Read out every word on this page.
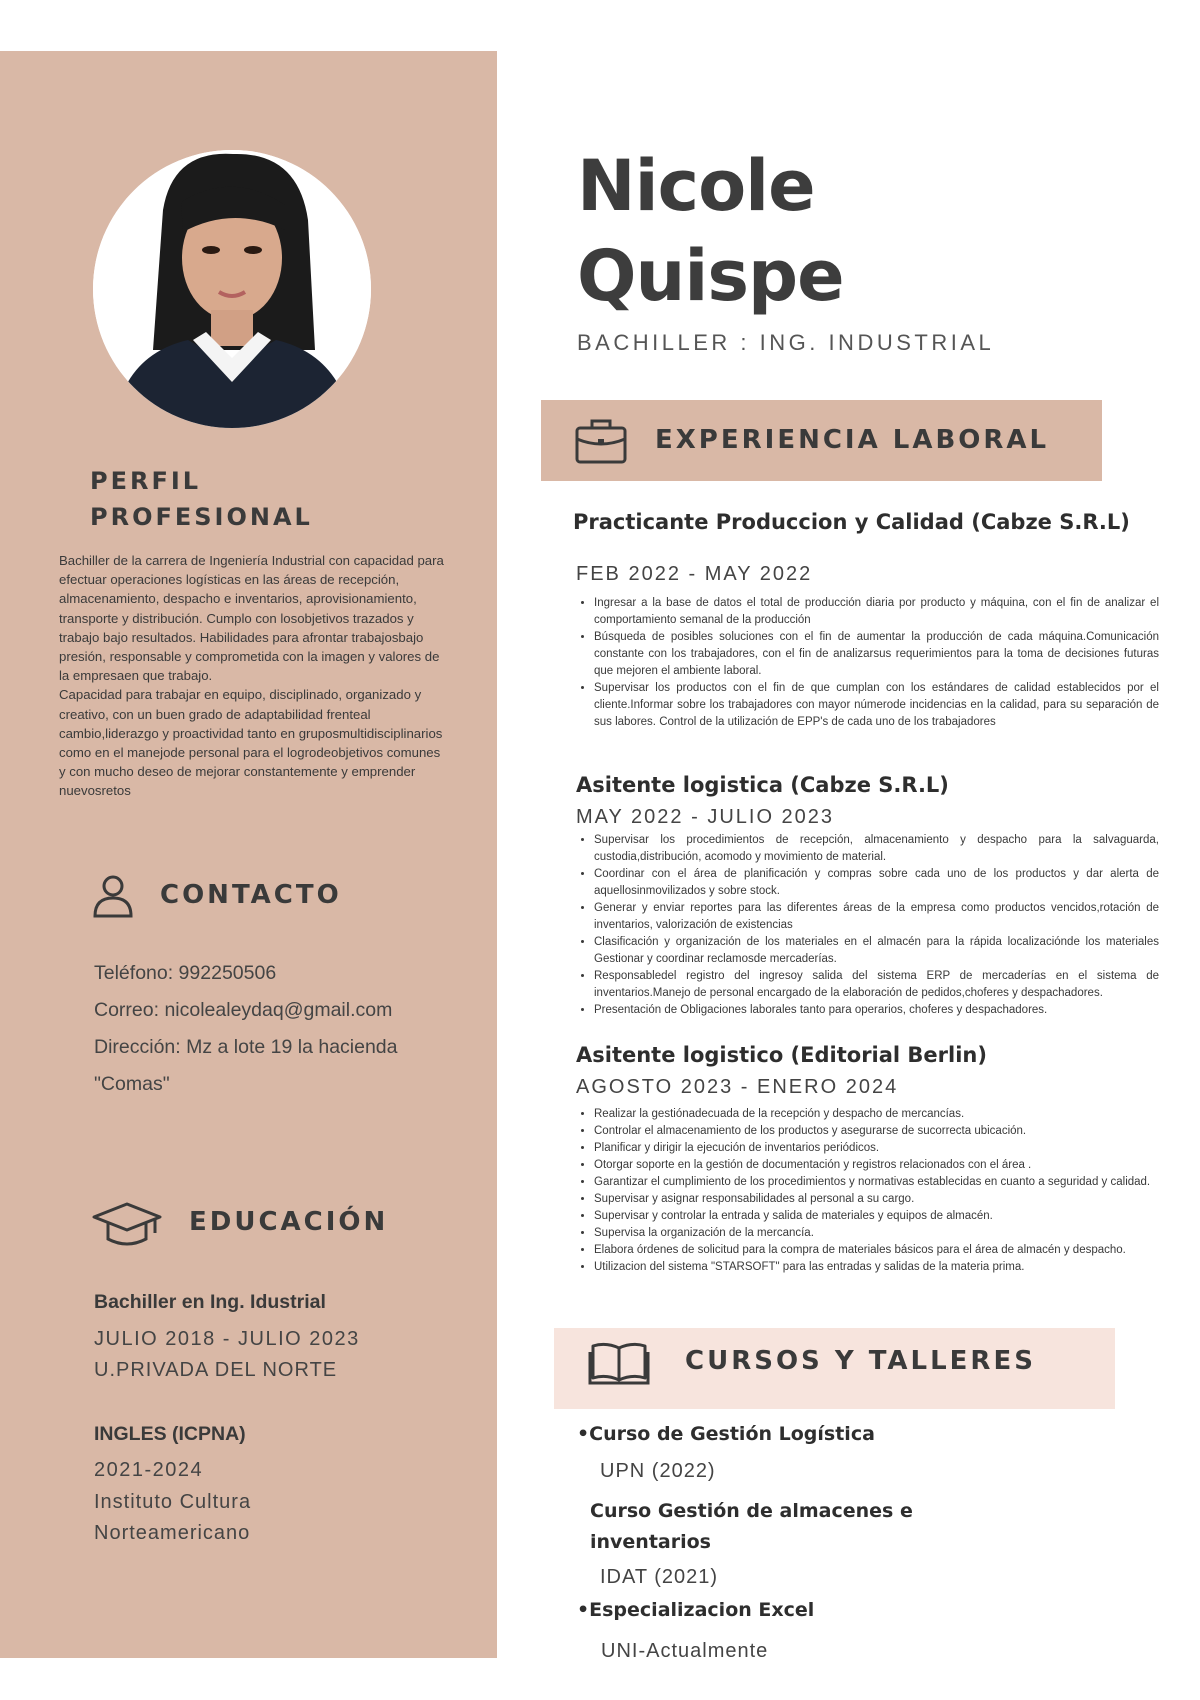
PERFIL
PROFESIONAL
Bachiller de la carrera de Ingeniería Industrial con capacidad para efectuar operaciones logísticas en las áreas de recepción, almacenamiento, despacho e inventarios, aprovisionamiento, transporte y distribución. Cumplo con losobjetivos trazados y trabajo bajo resultados. Habilidades para afrontar trabajosbajo presión, responsable y comprometida con la imagen y valores de la empresaen que trabajo.
Capacidad para trabajar en equipo, disciplinado, organizado y creativo, con un buen grado de adaptabilidad frenteal cambio,liderazgo y proactividad tanto en gruposmultidisciplinarios como en el manejode personal para el logrodeobjetivos comunes y con mucho deseo de mejorar constantemente y emprender nuevosretos
CONTACTO
Teléfono: 992250506
Correo: nicolealeydaq@gmail.com
Dirección: Mz a lote 19 la hacienda
"Comas"
EDUCACIÓN
Bachiller en Ing. Idustrial
JULIO 2018 - JULIO 2023
U.PRIVADA DEL NORTE
INGLES (ICPNA)
2021-2024
Instituto Cultura
Norteamericano
Nicole
Quispe
BACHILLER : ING. INDUSTRIAL
EXPERIENCIA LABORAL
Practicante Produccion y Calidad (Cabze S.R.L)
FEB 2022 - MAY 2022
• Ingresar a la base de datos el total de producción diaria por producto y máquina, con el fin de analizar el comportamiento semanal de la producción
• Búsqueda de posibles soluciones con el fin de aumentar la producción de cada máquina.Comunicación constante con los trabajadores, con el fin de analizarsus requerimientos para la toma de decisiones futuras que mejoren el ambiente laboral.
• Supervisar los productos con el fin de que cumplan con los estándares de calidad establecidos por el cliente.Informar sobre los trabajadores con mayor númerode incidencias en la calidad, para su separación de sus labores. Control de la utilización de EPP's de cada uno de los trabajadores
Asitente logistica (Cabze S.R.L)
MAY 2022 - JULIO 2023
• Supervisar los procedimientos de recepción, almacenamiento y despacho para la salvaguarda, custodia,distribución, acomodo y movimiento de material.
• Coordinar con el área de planificación y compras sobre cada uno de los productos y dar alerta de aquellosinmovilizados y sobre stock.
• Generar y enviar reportes para las diferentes áreas de la empresa como productos vencidos,rotación de inventarios, valorización de existencias
• Clasificación y organización de los materiales en el almacén para la rápida localizaciónde los materiales Gestionar y coordinar reclamosde mercaderías.
• Responsabledel registro del ingresoy salida del sistema ERP de mercaderías en el sistema de inventarios.Manejo de personal encargado de la elaboración de pedidos,choferes y despachadores.
• Presentación de Obligaciones laborales tanto para operarios, choferes y despachadores.
Asitente logistico (Editorial Berlin)
AGOSTO 2023 - ENERO 2024
• Realizar la gestiónadecuada de la recepción y despacho de mercancías.
• Controlar el almacenamiento de los productos y asegurarse de sucorrecta ubicación.
• Planificar y dirigir la ejecución de inventarios periódicos.
• Otorgar soporte en la gestión de documentación y registros relacionados con el área .
• Garantizar el cumplimiento de los procedimientos y normativas establecidas en cuanto a seguridad y calidad.
• Supervisar y asignar responsabilidades al personal a su cargo.
• Supervisar y controlar la entrada y salida de materiales y equipos de almacén.
• Supervisa la organización de la mercancía.
• Elabora órdenes de solicitud para la compra de materiales básicos para el área de almacén y despacho.
• Utilizacion del sistema "STARSOFT" para las entradas y salidas de la materia prima.
CURSOS Y TALLERES
•Curso de Gestión Logística
UPN (2022)
Curso Gestión de almacenes e
inventarios
IDAT (2021)
•Especializacion Excel
UNI-Actualmente
